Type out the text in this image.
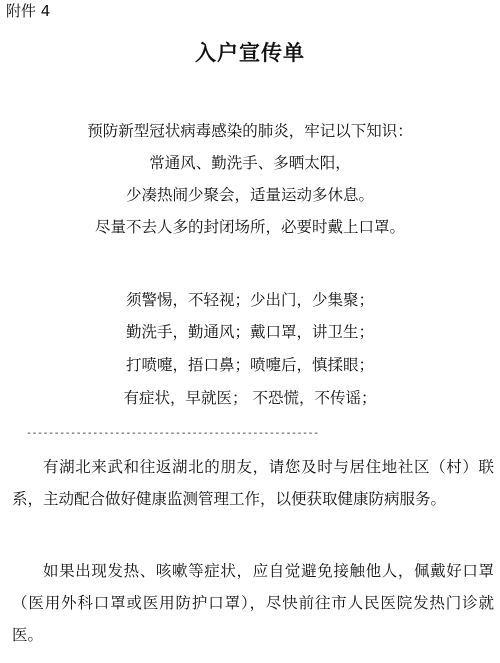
附件 4
入户宣传单
预防新型冠状病毒感染的肺炎，牢记以下知识：
常通风、勤洗手、多晒太阳，
少凑热闹少聚会，适量运动多休息。
尽量不去人多的封闭场所，必要时戴上口罩。
须警惕，不轻视；少出门，少集聚；
勤洗手，勤通风；戴口罩，讲卫生；
打喷嚏，捂口鼻；喷嚏后，慎揉眼；
有症状，早就医； 不恐慌，不传谣；
-----------------------------------------------------
有湖北来武和往返湖北的朋友，请您及时与居住地社区（村）联系，主动配合做好健康监测管理工作，以便获取健康防病服务。
如果出现发热、咳嗽等症状，应自觉避免接触他人，佩戴好口罩（医用外科口罩或医用防护口罩），尽快前往市人民医院发热门诊就医。
